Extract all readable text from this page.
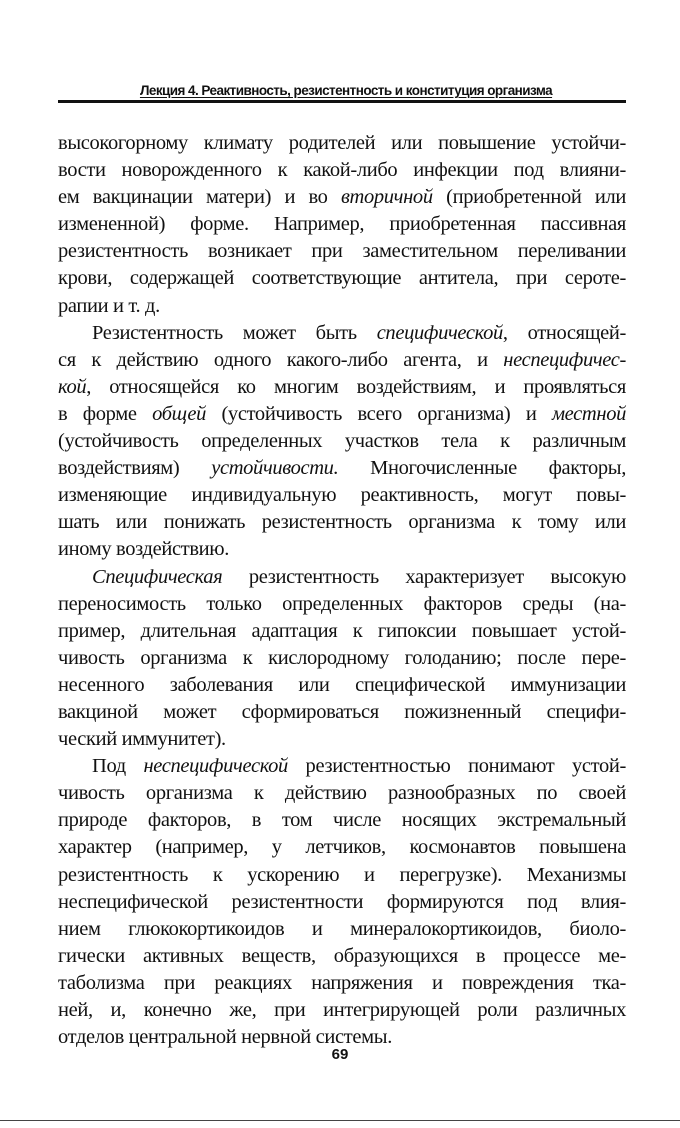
Лекция 4. Реактивность, резистентность и конституция организма
высокогорному климату родителей или повышение устойчи-
вости новорожденного к какой-либо инфекции под влияни-
ем вакцинации матери) и во вторичной (приобретенной или
измененной) форме. Например, приобретенная пассивная
резистентность возникает при заместительном переливании
крови, содержащей соответствующие антитела, при серотe-
рапии и т. д.
Резистентность может быть специфической, относящей-
ся к действию одного какого-либо агента, и неспецифичес-
кой, относящейся ко многим воздействиям, и проявляться
в форме общей (устойчивость всего организма) и местной
(устойчивость определенных участков тела к различным
воздействиям) устойчивости. Многочисленные факторы,
изменяющие индивидуальную реактивность, могут повы-
шать или понижать резистентность организма к тому или
иному воздействию.
Специфическая резистентность характеризует высокую
переносимость только определенных факторов среды (на-
пример, длительная адаптация к гипоксии повышает устой-
чивость организма к кислородному голоданию; после пере-
несенного заболевания или специфической иммунизации
вакциной может сформироваться пожизненный специфи-
ческий иммунитет).
Под неспецифической резистентностью понимают устой-
чивость организма к действию разнообразных по своей
природе факторов, в том числе носящих экстремальный
характер (например, у летчиков, космонавтов повышена
резистентность к ускорению и перегрузке). Механизмы
неспецифической резистентности формируются под влия-
нием глюкокортикоидов и минералокортикоидов, биоло-
гически активных веществ, образующихся в процессе ме-
таболизма при реакциях напряжения и повреждения тка-
ней, и, конечно же, при интегрирующей роли различных
отделов центральной нервной системы.
69
